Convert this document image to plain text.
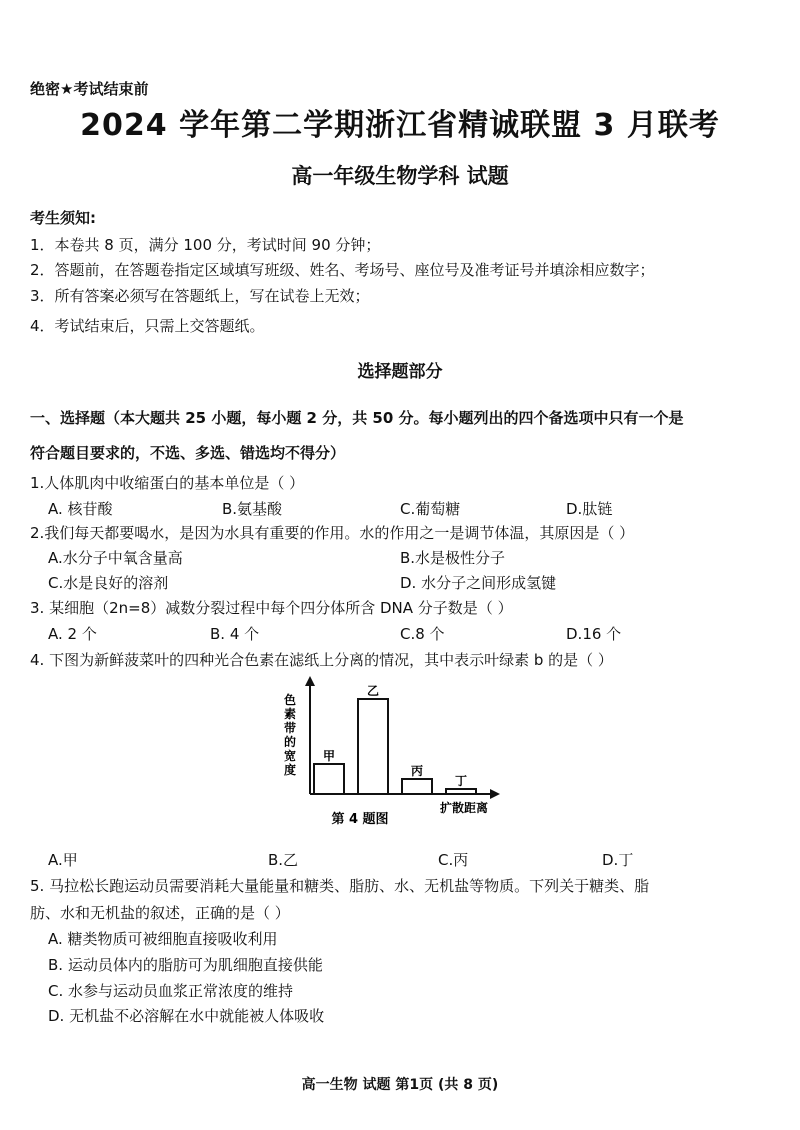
绝密★考试结束前
2024 学年第二学期浙江省精诚联盟 3 月联考
高一年级生物学科 试题
考生须知:
1．本卷共 8 页，满分 100 分，考试时间 90 分钟；
2．答题前，在答题卷指定区域填写班级、姓名、考场号、座位号及准考证号并填涂相应数字；
3．所有答案必须写在答题纸上，写在试卷上无效；
4．考试结束后，只需上交答题纸。
选择题部分
一、选择题（本大题共 25 小题，每小题 2 分，共 50 分。每小题列出的四个备选项中只有一个是
符合题目要求的，不选、多选、错选均不得分）
1.人体肌肉中收缩蛋白的基本单位是（ ）
A. 核苷酸	B.氨基酸	C.葡萄糖	D.肽链
2.我们每天都要喝水，是因为水具有重要的作用。水的作用之一是调节体温，其原因是（ ）
A.水分子中氧含量高	B.水是极性分子
C.水是良好的溶剂	D. 水分子之间形成氢键
3. 某细胞（2n=8）减数分裂过程中每个四分体所含 DNA 分子数是（ ）
A. 2 个	B. 4 个	C.8 个	D.16 个
4. 下图为新鲜菠菜叶的四种光合色素在滤纸上分离的情况，其中表示叶绿素 b 的是（ ）
色
素
带
的
宽
度
甲
乙
丙
丁
扩散距离
第 4 题图
A.甲	B.乙	C.丙	D.丁
5. 马拉松长跑运动员需要消耗大量能量和糖类、脂肪、水、无机盐等物质。下列关于糖类、脂
肪、水和无机盐的叙述，正确的是（ ）
A. 糖类物质可被细胞直接吸收利用
B. 运动员体内的脂肪可为肌细胞直接供能
C. 水参与运动员血浆正常浓度的维持
D. 无机盐不必溶解在水中就能被人体吸收
高一生物 试题 第1页 (共 8 页)
